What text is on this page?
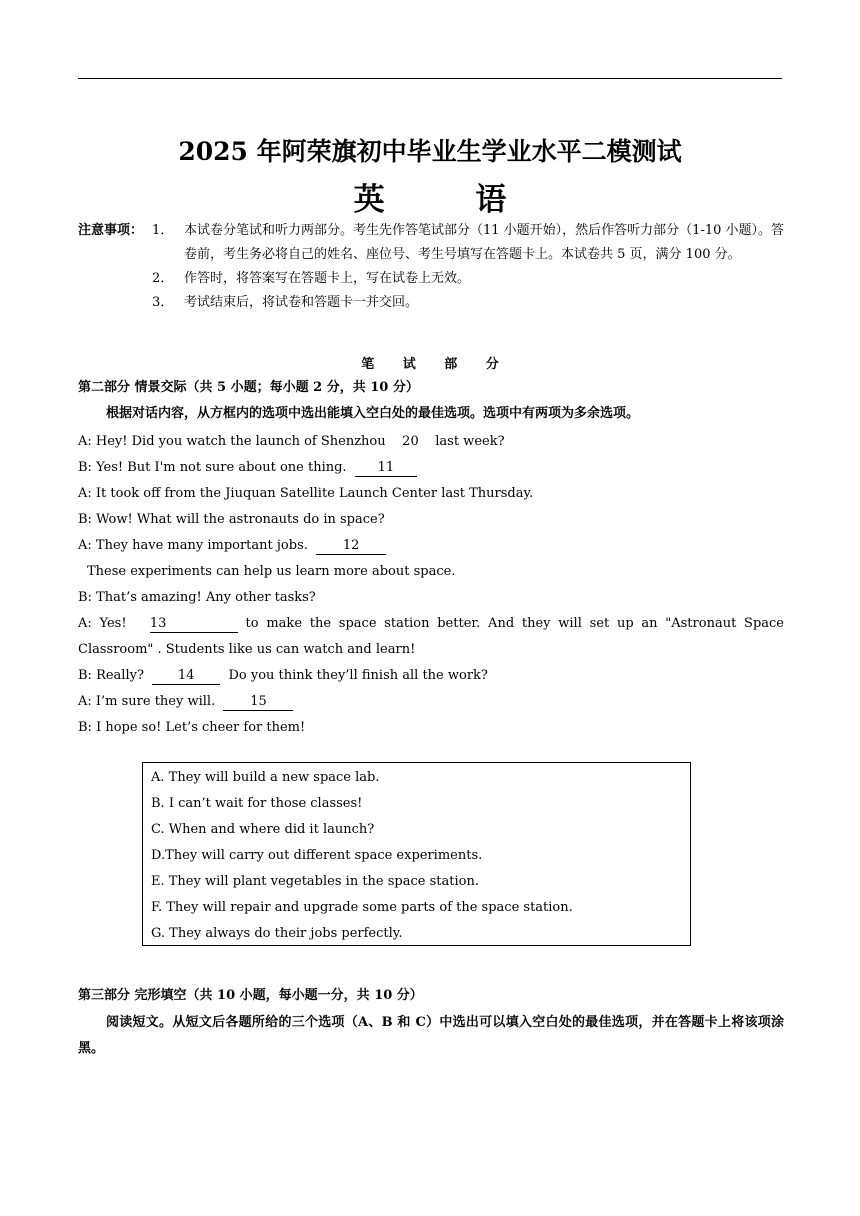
2025 年阿荣旗初中毕业生学业水平二模测试
英 语
注意事项： 1． 本试卷分笔试和听力两部分。考生先作答笔试部分（11 小题开始），然后作答听力部分（1-10 小题）。答卷前，考生务必将自己的姓名、座位号、考生号填写在答题卡上。本试卷共 5 页，满分 100 分。
2． 作答时，将答案写在答题卡上，写在试卷上无效。
3． 考试结束后，将试卷和答题卡一并交回。
笔 试 部 分
第二部分 情景交际（共 5 小题；每小题 2 分，共 10 分）
根据对话内容，从方框内的选项中选出能填入空白处的最佳选项。选项中有两项为多余选项。

A: Hey! Did you watch the launch of Shenzhou 20 last week?

B: Yes! But I'm not sure about one thing. 11

A: It took off from the Jiuquan Satellite Launch Center last Thursday.

B: Wow! What will the astronauts do in space?

A: They have many important jobs.	12

These experiments can help us learn more about space.

B: That’s amazing! Any other tasks?

A: Yes! 13	to make the space station better. And they will set up an "Astronaut Space

Classroom" . Students like us can watch and learn!

B: Really?	14	Do you think they’ll finish all the work?

A: I’m sure they will.	15

B: I hope so! Let’s cheer for them!

A. They will build a new space lab.
B. I can’t wait for those classes!
C. When and where did it launch?
D.They will carry out different space experiments.
E. They will plant vegetables in the space station.
F. They will repair and upgrade some parts of the space station.
G. They always do their jobs perfectly.
第三部分 完形填空（共 10 小题，每小题一分，共 10 分）
阅读短文。从短文后各题所给的三个选项（A、B 和 C）中选出可以填入空白处的最佳选项，并在答题卡上将该项涂黑。
